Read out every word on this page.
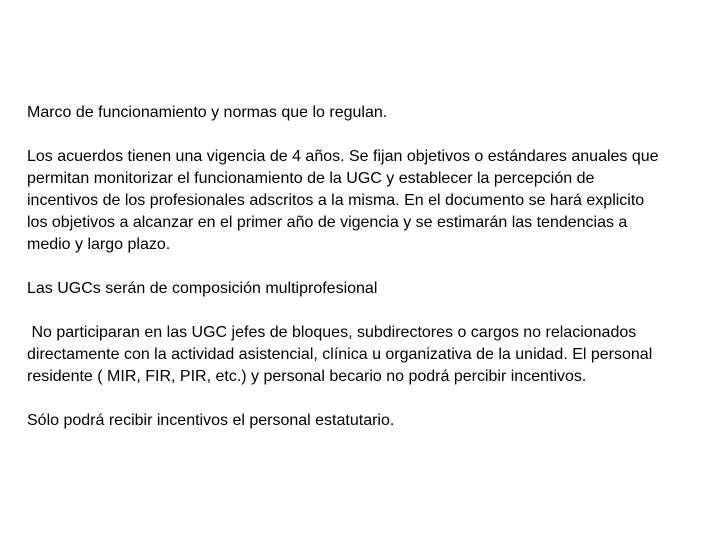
Marco de funcionamiento y normas que lo regulan.

Los acuerdos tienen una vigencia de 4 años. Se fijan objetivos o estándares anuales que permitan monitorizar el funcionamiento de la UGC y establecer la percepción de incentivos de los profesionales adscritos a la misma. En el documento se hará explicito los objetivos a alcanzar en el primer año de vigencia y se estimarán las tendencias a medio y largo plazo.

Las UGCs serán de composición multiprofesional

No participaran en las UGC jefes de bloques, subdirectores o cargos no relacionados directamente con la actividad asistencial, clínica u organizativa de la unidad. El personal residente ( MIR, FIR, PIR, etc.) y personal becario no podrá percibir incentivos.

Sólo podrá recibir incentivos el personal estatutario.
